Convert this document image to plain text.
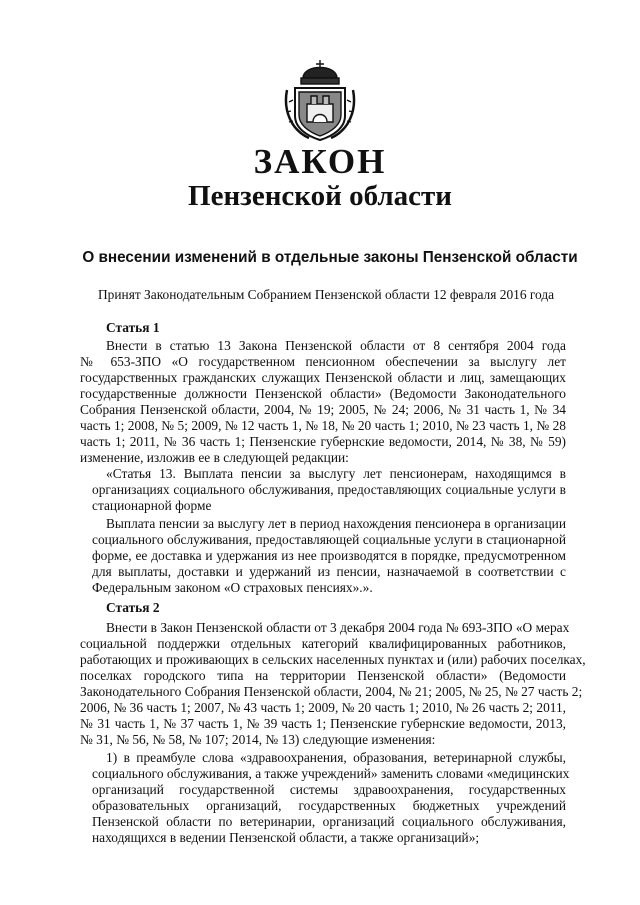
ЗАКОН
Пензенской области
О внесении изменений в отдельные законы Пензенской области
Принят Законодательным Собранием Пензенской области 12 февраля 2016 года
Статья 1
Внести в статью 13 Закона Пензенской области от 8 сентября 2004 года
№ 653-ЗПО «О государственном пенсионном обеспечении за выслугу лет
государственных гражданских служащих Пензенской области и лиц, замещающих
государственные должности Пензенской области» (Ведомости Законодательного
Собрания Пензенской области, 2004, № 19; 2005, № 24; 2006, № 31 часть 1, № 34
часть 1; 2008, № 5; 2009, № 12 часть 1, № 18, № 20 часть 1; 2010, № 23 часть 1, № 28
часть 1; 2011, № 36 часть 1; Пензенские губернские ведомости, 2014, № 38, № 59)
изменение, изложив ее в следующей редакции:
«Статья 13. Выплата пенсии за выслугу лет пенсионерам, находящимся в
организациях социального обслуживания, предоставляющих социальные услуги в
стационарной форме
Выплата пенсии за выслугу лет в период нахождения пенсионера в организации
социального обслуживания, предоставляющей социальные услуги в стационарной
форме, ее доставка и удержания из нее производятся в порядке, предусмотренном
для выплаты, доставки и удержаний из пенсии, назначаемой в соответствии с
Федеральным законом «О страховых пенсиях».».
Статья 2
Внести в Закон Пензенской области от 3 декабря 2004 года № 693-ЗПО «О мерах
социальной поддержки отдельных категорий квалифицированных работников,
работающих и проживающих в сельских населенных пунктах и (или) рабочих поселках,
поселках городского типа на территории Пензенской области» (Ведомости
Законодательного Собрания Пензенской области, 2004, № 21; 2005, № 25, № 27 часть 2;
2006, № 36 часть 1; 2007, № 43 часть 1; 2009, № 20 часть 1; 2010, № 26 часть 2; 2011,
№ 31 часть 1, № 37 часть 1, № 39 часть 1; Пензенские губернские ведомости, 2013,
№ 31, № 56, № 58, № 107; 2014, № 13) следующие изменения:
1) в преамбуле слова «здравоохранения, образования, ветеринарной службы,
социального обслуживания, а также учреждений» заменить словами «медицинских
организаций государственной системы здравоохранения, государственных
образовательных организаций, государственных бюджетных учреждений
Пензенской области по ветеринарии, организаций социального обслуживания,
находящихся в ведении Пензенской области, а также организаций»;
